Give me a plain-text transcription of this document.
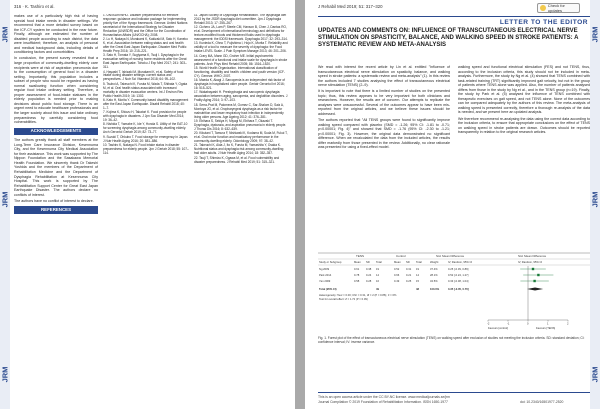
JRM
JRM
JRM
316 · K. Tashiro et al.

makes use of a particularly high risk of having special food intake needs in disaster settings. We recommend that a more detailed survey based on the ICF-CY system be conducted in the near future. Finally, although we estimated the number of disabled people according to each district, the data were insufficient; therefore, an analysis of personal and medical background data, including details of conditioning factors and comorbidities.

In conclusion, the present survey revealed that a large proportion of community-dwelling elderly care recipients were at risk of aspiration pneumonia due to the consumption of general food in a disaster setting. Importantly, this population includes a subset of people who would be regarded as having normal swallowing function when considering regular food intake ordinary setting. Therefore, a proper assessment of food-intake statuses in the elderly population is needed prior to making decisions about public food storage. There is an urgent need to educate healthcare professionals and the larger society about this issue and take ordinary preparedness by carefully considering food vulnerabilities.

ACKNOWLEDGEMENTS

The authors greatly thank all staff members at the Long-Term Care Insurance Division, Kesennuma City, and the Kesennuma City Medical Association for their assistance. This work was supported by The Nippon Foundation and the Sasakawa Memorial Health Foundation. We sincerely thank Dr Takeshi Yoshida and the members of the Department of Rehabilitation Medicine and the Department of Dysphagia Rehabilitation at Kesennuma City Hospital. This work is supported by The Rehabilitation Support Center for Great East Japan Earthquake Disaster. The authors declare no conflicts of interest.

The authors have no conflict of interest to declare.

REFERENCES
1. UN/ISDR/WHO. Disaster preparedness for effective response: guidance and indicator package for implementing priority five of the Hyogo framework. Geneva: United Nations secretariat of the International Strategy for Disaster Reduction (UN/ISDR) and the Office for the Coordination of Humanitarian Affairs (UN/OCHA); 2008.
2. Lu H, Nakaya N, Murakami K, Kakizaki M, Sato H, Kaneko K, et al. Association between eating status and oral health after the Great East Japan Earthquake. Disaster Med Public Health Prep 2016; 10: 215–221.
3. Sato H, Tomata Y, Sugiyama K, Tsuji I. Dysphagia in the evacuation setting of nursing home residents after the Great East Japan Earthquake. Tohoku J Exp Med 2017; 241: 303–311.
4. Hayashi T, Ishizaki M, Murakami K, et al. Safety of food intake during disaster settings: current status and perspectives. J Nutr Sci Vitaminol 2018; 64: 95–102.
5. Tsuboi A, Takeuchi K, Furuta M, Wada T, Shibata Y, Ogata M, et al. Oral health status associated with increased mortality in disaster evacuation centers. Int J Environ Res Public Health 2019; 16: 1302.
6. Kato H, Morita Y. Community based disability management after the East Japan Earthquake. Disabil Rehabil 2018; 40: 1–7.
7. Kojima K, Shiozu H, Takatori K. Food provision for people with dysphagia in disasters. J Jpn Soc Disaster Med 2014; 19: 36–42.
8. Nishida T, Yamabe K, Ide Y, Honda S. Utility of the EAT-10 for screening dysphagia among community-dwelling elderly. Arch Gerontol Geriatr 2019; 82: 73–77.
9. Suzuki T, Ohkubo T. Food storage for emergency in Japan. J Nutr Health Aging 2016; 20: 881–886.
10. Tashiro K, Nakaya N. Food intake status in disaster preparedness for elderly people. Jpn J Geriatr 2018; 55: 107–114.
11. Japan Society of Dysphagia Rehabilitation. The dysphagia diet 2013 by the JSDR dysphagia diet committee. Jpn J Dysphagia Rehabil 2013; 17: 255–267.
12. Cichero JA, Lam P, Steele CM, Hanson B, Chen J, Dantas RO, et al. Development of international terminology and definitions for texture-modified foods and thickened fluids used in dysphagia management: the IDDSI framework. Dysphagia 2017; 32: 293–314.
13. Kunieda K, Ohno T, Fujishima I, Hojo K, Morita T. Reliability and validity of a tool to measure the severity of dysphagia: the Food Intake LEVEL Scale. J Pain Symptom Manage 2013; 46: 201–206.
14. Crary MA, Mann GD, Groher ME. Initial psychometric assessment of a functional oral intake scale for dysphagia in stroke patients. Arch Phys Med Rehabil 2005; 86: 1516–1520.
15. World Health Organization. International classification of functioning, disability and health: children and youth version (ICF-CY). Geneva: WHO; 2007.
16. Maeda K, Akagi J. Sarcopenia is an independent risk factor of dysphagia in hospitalized older people. Geriatr Gerontol Int 2016; 16: 515–521.
17. Wakabayashi H. Presbyphagia and sarcopenic dysphagia: association between aging, sarcopenia, and deglutition disorders. J Frailty Aging 2014; 3: 97–103.
18. Serra-Prat M, Palomera M, Gomez C, Sar-Shalom D, Saiz A, Montoya JG, et al. Oropharyngeal dysphagia as a risk factor for malnutrition and lower respiratory tract infection in independently living older persons. Age Ageing 2012; 41: 376–381.
19. Ebihara S, Sekiya H, Miyagi M, Ebihara T, Okazaki T. Dysphagia, dystussia, and aspiration pneumonia in elderly people. J Thorac Dis 2016; 8: 632–639.
20. Kikutani T, Tamura F, Nishiwaki K, Kodama M, Suda M, Fukui T, et al. Oral motor function and masticatory performance in the community-dwelling elderly. Odontology 2009; 97: 38–42.
21. Takeuchi K, Aida J, Ito K, Furuta M, Yamashita Y, Osaka K. Nutritional status and dysphagia risk among community-dwelling frail older adults. J Nutr Health Aging 2014; 18: 352–357.
22. Tsuji T, Shimizu K, Ogawa M, et al. Food vulnerability and disaster preparedness. J Rehabil Med 2019; 51: 315–321.
JRM
JRM
JRM
J Rehabil Med 2019; 51: 317–320	Check for updates
LETTER TO THE EDITOR
UPDATES AND COMMENTS ON: INFLUENCE OF TRANSCUTANEOUS ELECTRICAL NERVE STIMULATION ON SPASTICITY, BALANCE, AND WALKING SPEED IN STROKE PATIENTS: A SYSTEMATIC REVIEW AND META-ANALYSIS

We read with interest the recent article by Lin et al. entitled "Influence of transcutaneous electrical nerve stimulation on spasticity, balance, and walking speed in stroke patients: a systematic review and meta-analysis" (1). In this review the authors included 7 studies analysing the effect of transcutaneous electrical nerve stimulation (TENS) (2–9).

It is important to note that there is a limited number of studies on the presented topic; thus, this review appears to be very important for both clinicians and researchers. However, the results are of concern. Our attempts to replicate the analyses were unsuccessful. Several of the outcomes appear to have been mis-reported from the original articles, and we believe these issues should be addressed.

The authors reported that "All TENS groups were found to significantly improve walking speed compared with placebo (SMD = -1.26; 95% CI: -1.81 to -0.71; p<0.00001; Fig. 4)" and showed that SMD = -1.76 (95% CI: -2.30 to -1.21; p<0.00001; Fig. 3). However, the original data demonstrated no significant difference. When we recalculated the data from the included articles, the results differ markedly from those presented in the review. Additionally, no clear rationale was presented for using a fixed-effect model.

walking speed and functional electrical stimulation (FES) and not TENS, thus, according to the inclusion criteria, this study should not be included in meta-analysis. Furthermore, the study by Ng et al. (4) showed that TENS combined with task-related training (TRT) significantly improved gait velocity, but not in the group of patients where TENS alone was applied. Also, the number of patients analysed differs from those in the study by Ng et al., and in the TENS group (n=19). Finally, the study by Park et al. (5) analysed the influence of TENS combined with therapeutic exercises on gait speed, and not TENS alone. None of the outcomes can be compared adequately by the authors of this review. The meta-analysis of walking speed is presented correctly, therefore a thorough re-analysis of the data is needed, and we present here an updated analysis.

We therefore recommend re-analysing the data using the correct data according to the inclusion criteria, to ensure that appropriate conclusions on the effect of TENS on walking speed in stroke patients are drawn. Outcomes should be reported transparently in relation to the original research articles.

TENS	Control	Std. Mean Difference	Std. Mean Difference
Study or Subgroup	Mean SD Total	Mean SD Total	Weight	IV, Random, 95% CI	IV, Random, 95% CI
Ng 2009	0.61	0.38 19	0.52	0.31 19	37.4%	0.25 [-0.39, 0.89]
Park 2014	0.78	0.24 14	0.66	0.21 14	28.1%	0.52 [-0.24, 1.27]
Yan 2009	0.58	0.28 16	0.49	0.25 15	34.5%	0.33 [-0.38, 1.04]
Total (95% CI)	49	48	100.0%	0.35 [-0.05, 0.76]
Heterogeneity: Tau² = 0.00; Chi² = 0.31, df = 2 (P = 0.86); I² = 0%
Test for overall effect: Z = 1.72 (P = 0.09)
-2	-1	0	1	2
Favours [control]	Favours [TENS]
Fig. 1. Forest plot of the effect of transcutaneous electrical nerve stimulation (TENS) on walking speed after exclusion of studies not meeting the inclusion criteria. SD: standard deviation; CI: confidence interval; IV: inverse variance.
This is an open access article under the CC BY-NC license. www.medicaljournals.se/jrm
Journal Compilation © 2019 Foundation of Rehabilitation Information. ISSN 1650-1977	doi: 10.2340/16501977-2520
